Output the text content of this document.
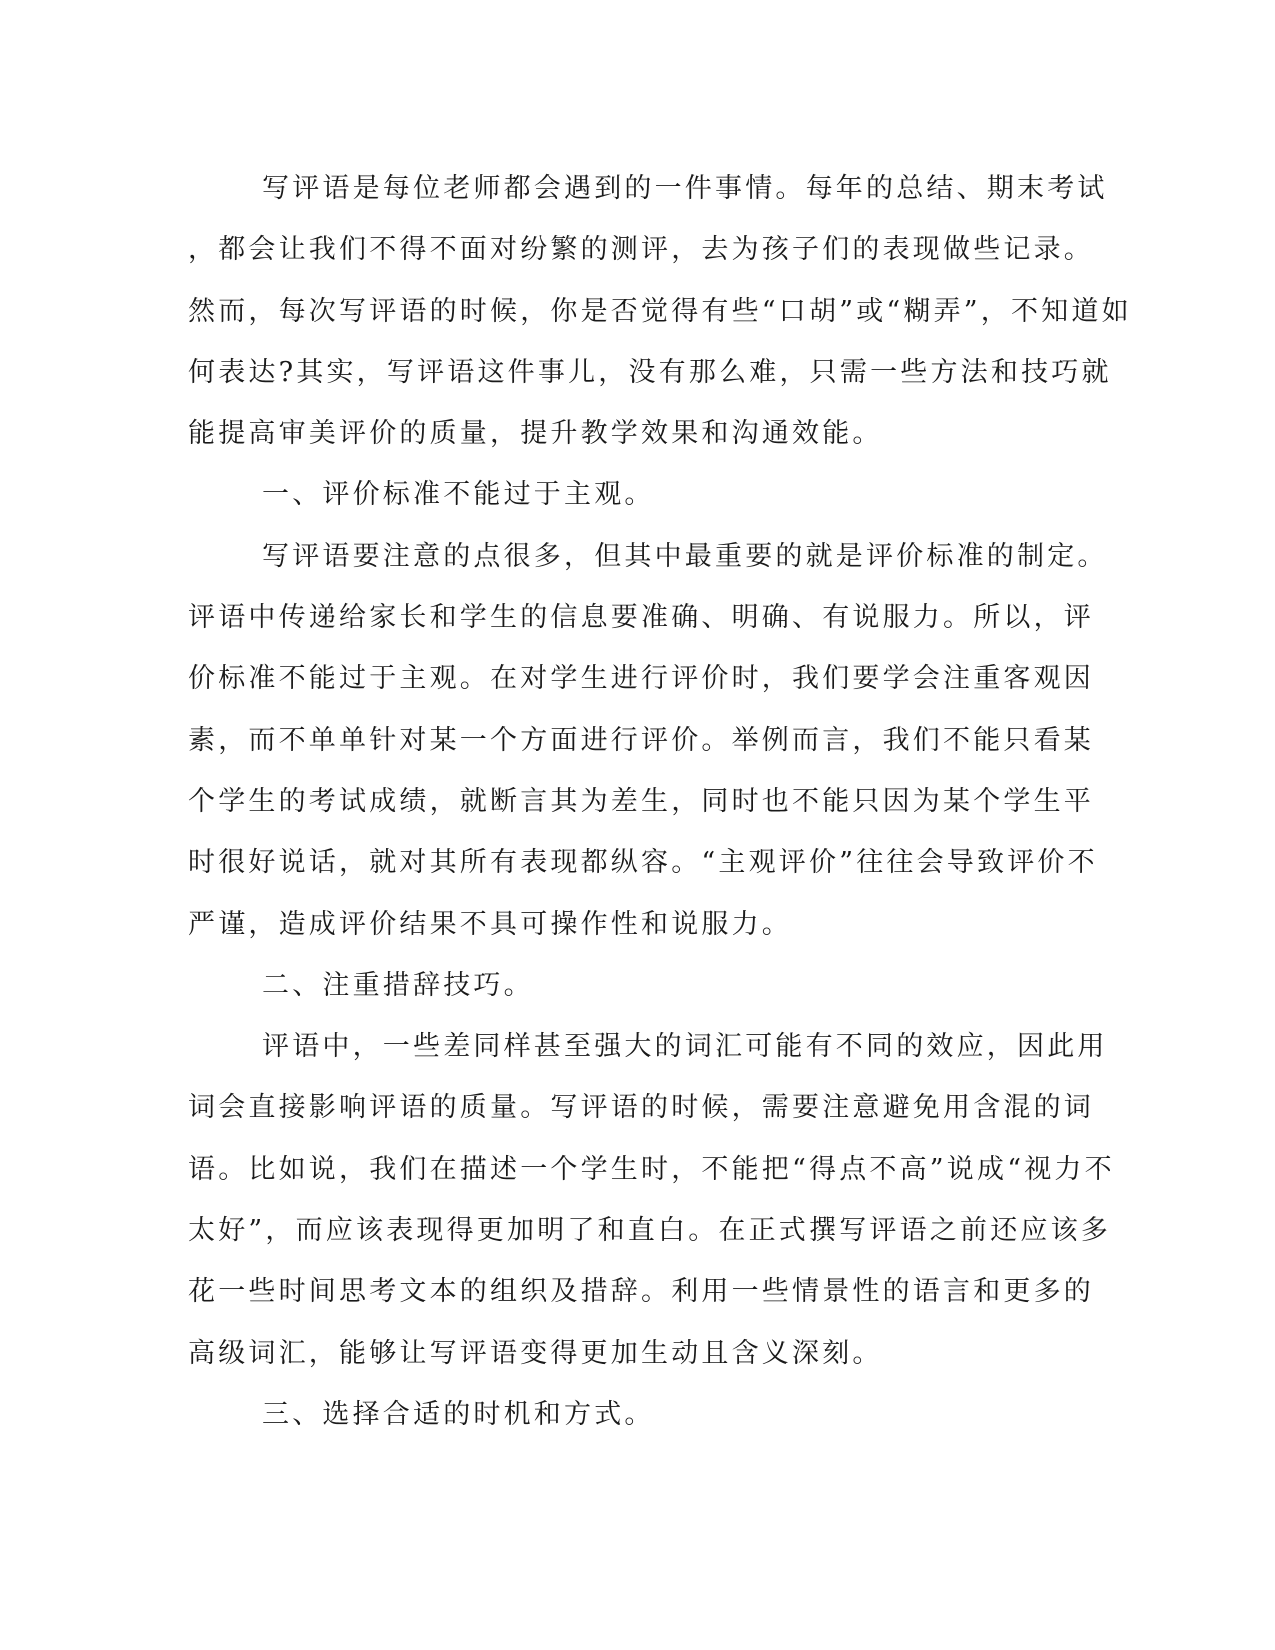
写评语是每位老师都会遇到的一件事情。每年的总结、期末考试
，都会让我们不得不面对纷繁的测评，去为孩子们的表现做些记录。
然而，每次写评语的时候，你是否觉得有些“口胡”或“糊弄”，不知道如
何表达?其实，写评语这件事儿，没有那么难，只需一些方法和技巧就
能提高审美评价的质量，提升教学效果和沟通效能。
一、评价标准不能过于主观。
写评语要注意的点很多，但其中最重要的就是评价标准的制定。
评语中传递给家长和学生的信息要准确、明确、有说服力。所以，评
价标准不能过于主观。在对学生进行评价时，我们要学会注重客观因
素，而不单单针对某一个方面进行评价。举例而言，我们不能只看某
个学生的考试成绩，就断言其为差生，同时也不能只因为某个学生平
时很好说话，就对其所有表现都纵容。“主观评价”往往会导致评价不
严谨，造成评价结果不具可操作性和说服力。
二、注重措辞技巧。
评语中，一些差同样甚至强大的词汇可能有不同的效应，因此用
词会直接影响评语的质量。写评语的时候，需要注意避免用含混的词
语。比如说，我们在描述一个学生时，不能把“得点不高”说成“视力不
太好”，而应该表现得更加明了和直白。在正式撰写评语之前还应该多
花一些时间思考文本的组织及措辞。利用一些情景性的语言和更多的
高级词汇，能够让写评语变得更加生动且含义深刻。
三、选择合适的时机和方式。
